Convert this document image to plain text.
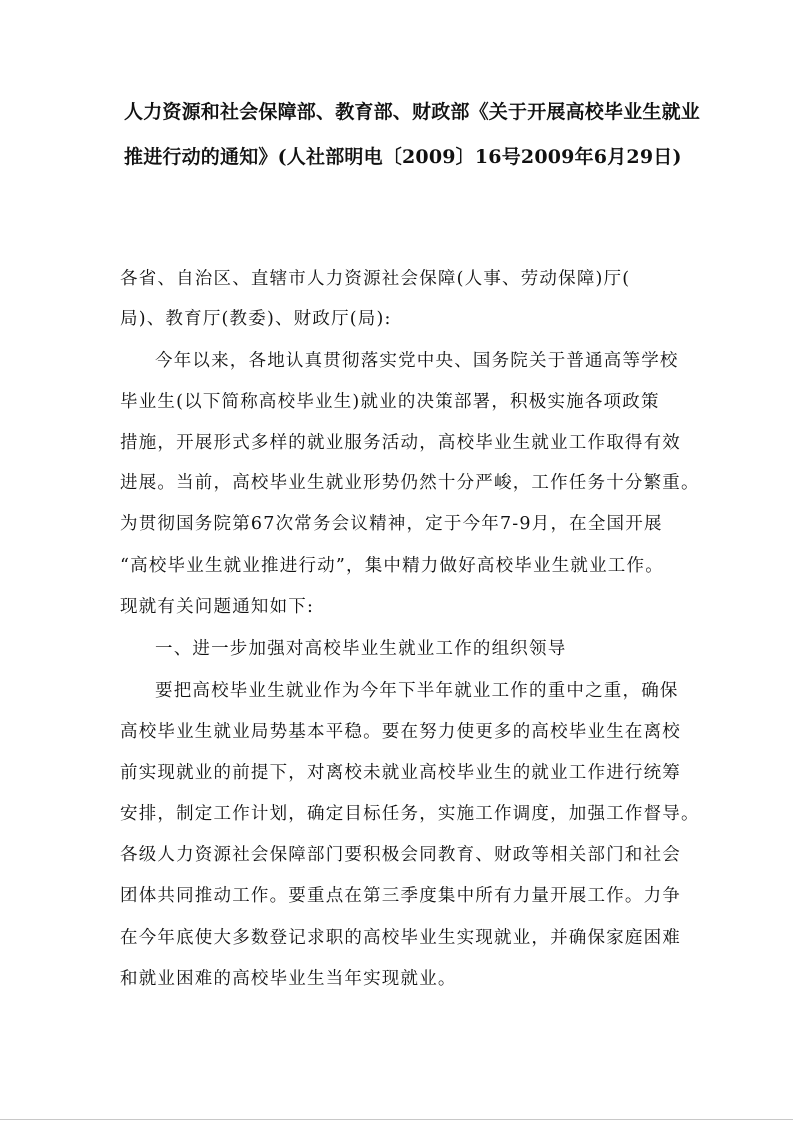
人力资源和社会保障部、教育部、财政部《关于开展高校毕业生就业
推进行动的通知》(人社部明电〔2009〕16号2009年6月29日)
各省、自治区、直辖市人力资源社会保障(人事、劳动保障)厅(
局)、教育厅(教委)、财政厅(局):
今年以来，各地认真贯彻落实党中央、国务院关于普通高等学校
毕业生(以下简称高校毕业生)就业的决策部署，积极实施各项政策
措施，开展形式多样的就业服务活动，高校毕业生就业工作取得有效
进展。当前，高校毕业生就业形势仍然十分严峻，工作任务十分繁重。
为贯彻国务院第67次常务会议精神，定于今年7-9月，在全国开展
“高校毕业生就业推进行动”，集中精力做好高校毕业生就业工作。
现就有关问题通知如下:
一、进一步加强对高校毕业生就业工作的组织领导
要把高校毕业生就业作为今年下半年就业工作的重中之重，确保
高校毕业生就业局势基本平稳。要在努力使更多的高校毕业生在离校
前实现就业的前提下，对离校未就业高校毕业生的就业工作进行统筹
安排，制定工作计划，确定目标任务，实施工作调度，加强工作督导。
各级人力资源社会保障部门要积极会同教育、财政等相关部门和社会
团体共同推动工作。要重点在第三季度集中所有力量开展工作。力争
在今年底使大多数登记求职的高校毕业生实现就业，并确保家庭困难
和就业困难的高校毕业生当年实现就业。
